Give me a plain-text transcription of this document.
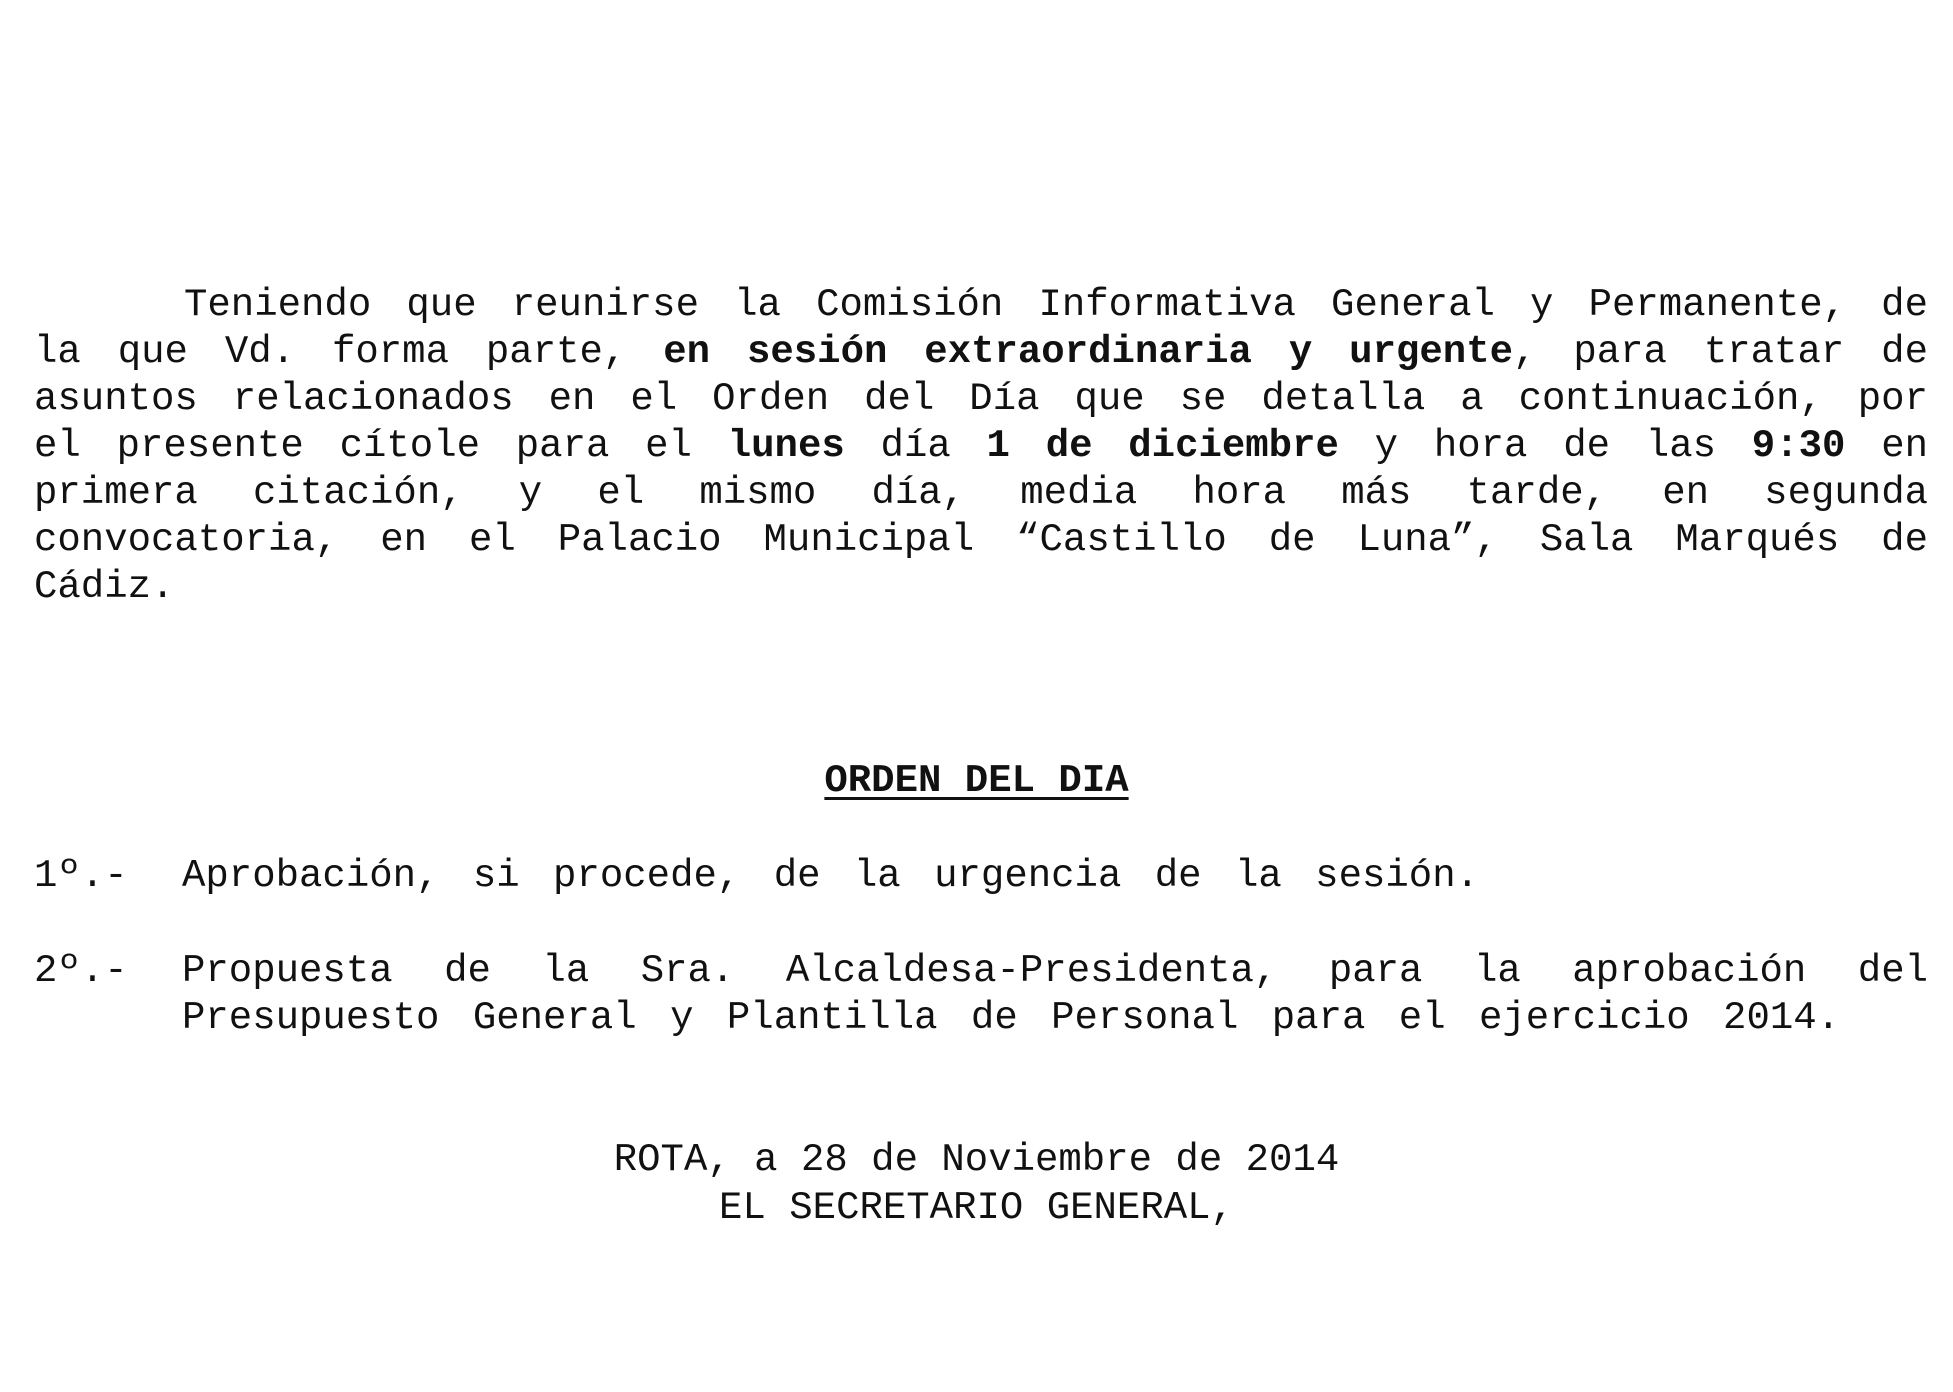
Teniendo que reunirse la Comisión Informativa General y Permanente, de la que Vd. forma parte, en sesión extraordinaria y urgente, para tratar de asuntos relacionados en el Orden del Día que se detalla a continuación, por el presente cítole para el lunes día 1 de diciembre y hora de las 9:30 en primera citación, y el mismo día, media hora más tarde, en segunda convocatoria, en el Palacio Municipal “Castillo de Luna”, Sala Marqués de Cádiz.

ORDEN DEL DIA
1º.-	Aprobación, si procede, de la urgencia de la sesión.
2º.-	Propuesta de la Sra. Alcaldesa-Presidenta, para la aprobación del Presupuesto General y Plantilla de Personal para el ejercicio 2014.
ROTA, a 28 de Noviembre de 2014
EL SECRETARIO GENERAL,
